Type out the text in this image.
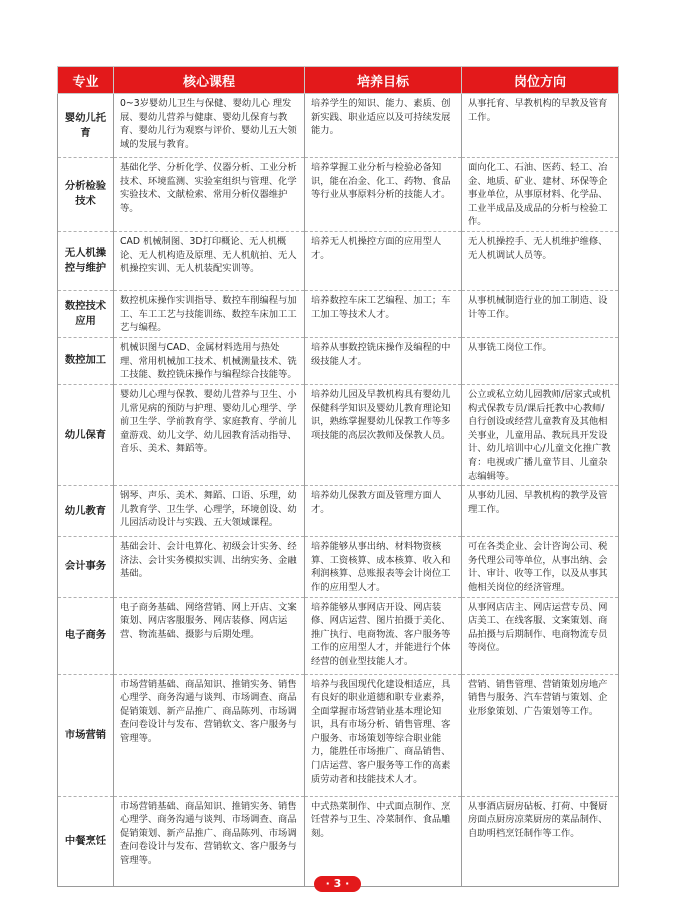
专业	核心课程	培养目标	岗位方向
婴幼儿托育	0~3岁婴幼儿卫生与保健、婴幼儿心 理发展、婴幼儿营养与健康、婴幼儿保育与教育、婴幼儿行为观察与评价、婴幼儿五大领域的发展与教育。	培养学生的知识、能力、素质、创新实践、职业适应以及可持续发展能力。	从事托育、早教机构的早教及管育工作。
分析检验技术	基础化学、分析化学、仪器分析、工业分析技术、环境监测、实验室组织与管理、化学实验技术、文献检索、常用分析仪器维护等。	培养掌握工业分析与检验必备知识，能在冶金、化工、药物、食品等行业从事原料分析的技能人才。	面向化工、石油、医药、轻工、冶金、地质、矿业、建材、环保等企事业单位，从事原材料、化学品、工业半成品及成品的分析与检验工作。
无人机操控与维护	CAD 机械制图、3D打印概论、无人机概论、无人机构造及原理、无人机航拍、无人机操控实训、无人机装配实训等。	培养无人机操控方面的应用型人才。	无人机操控手、无人机维护维修、无人机调试人员等。
数控技术应用	数控机床操作实训指导、数控车削编程与加工、车工工艺与技能训练、数控车床加工工艺与编程。	培养数控车床工艺编程、加工；车工加工等技术人才。	从事机械制造行业的加工制造、设计等工作。
数控加工	机械识图与CAD、金属材料选用与热处理、常用机械加工技术、机械测量技术、铣工技能、数控铣床操作与编程综合技能等。	培养从事数控铣床操作及编程的中级技能人才。	从事铣工岗位工作。
幼儿保育	婴幼儿心理与保教、婴幼儿营养与卫生、小儿常见病的预防与护理、婴幼儿心理学、学前卫生学、学前教育学、家庭教育、学前儿童游戏、幼儿文学、幼儿园教育活动指导、音乐、美术、舞蹈等。	培养幼儿园及早教机构具有婴幼儿保健科学知识及婴幼儿教育理论知识，熟练掌握婴幼儿保教工作等多项技能的高层次教师及保教人员。	公立或私立幼儿园教师/居家式或机构式保教专员/课后托教中心教师/自行创设或经营儿童教育及其他相关事业，儿童用品、教玩具开发设计、幼儿培训中心/儿童文化推广教育：电视或广播儿童节目、儿童杂志编辑等。
幼儿教育	钢琴、声乐、美术、舞蹈、口语、乐理，幼儿教育学、卫生学、心理学，环境创设、幼儿园活动设计与实践、五大领域课程。	培养幼儿保教方面及管理方面人才。	从事幼儿园、早教机构的教学及管理工作。
会计事务	基础会计、会计电算化、初级会计实务、经济法、会计实务模拟实训、出纳实务、金融基础。	培养能够从事出纳、材料物资核算、工资核算、成本核算、收入和利润核算、总账报表等会计岗位工作的应用型人才。	可在各类企业、会计咨询公司、税务代理公司等单位，从事出纳、会计、审计、收等工作，以及从事其他相关岗位的经济管理。
电子商务	电子商务基础、网络营销、网上开店、文案策划、网店客服服务、网店装修、网店运营、物流基础、摄影与后期处理。	培养能够从事网店开设、网店装修、网店运营、图片拍摄于美化、推广执行、电商物流、客户服务等工作的应用型人才，并能进行个体经营的创业型技能人才。	从事网店店主、网店运营专员、网店美工、在线客服、文案策划、商品拍摄与后期制作、电商物流专员等岗位。
市场营销	市场营销基础、商品知识、推销实务、销售心理学、商务沟通与谈判、市场调查、商品促销策划、新产品推广、商品陈列、市场调查问卷设计与发布、营销软文、客户服务与管理等。	培养与我国现代化建设相适应，具有良好的职业道德和职专业素养，全面掌握市场营销业基本理论知识，具有市场分析、销售管理、客户服务、市场策划等综合职业能力，能胜任市场推广、商品销售、门店运营、客户服务等工作的高素质劳动者和技能技术人才。	营销、销售管理、营销策划房地产销售与服务、汽车营销与策划、企业形象策划、广告策划等工作。
中餐烹饪	市场营销基础、商品知识、推销实务、销售心理学、商务沟通与谈判、市场调查、商品促销策划、新产品推广、商品陈列、市场调查问卷设计与发布、营销软文、客户服务与管理等。	中式热菜制作、中式面点制作、烹饪营养与卫生、冷菜制作、食品雕刻。	从事酒店厨房砧板、打荷、中餐厨房面点厨房凉菜厨房的菜品制作、自助明档烹饪制作等工作。
· 3 ·
